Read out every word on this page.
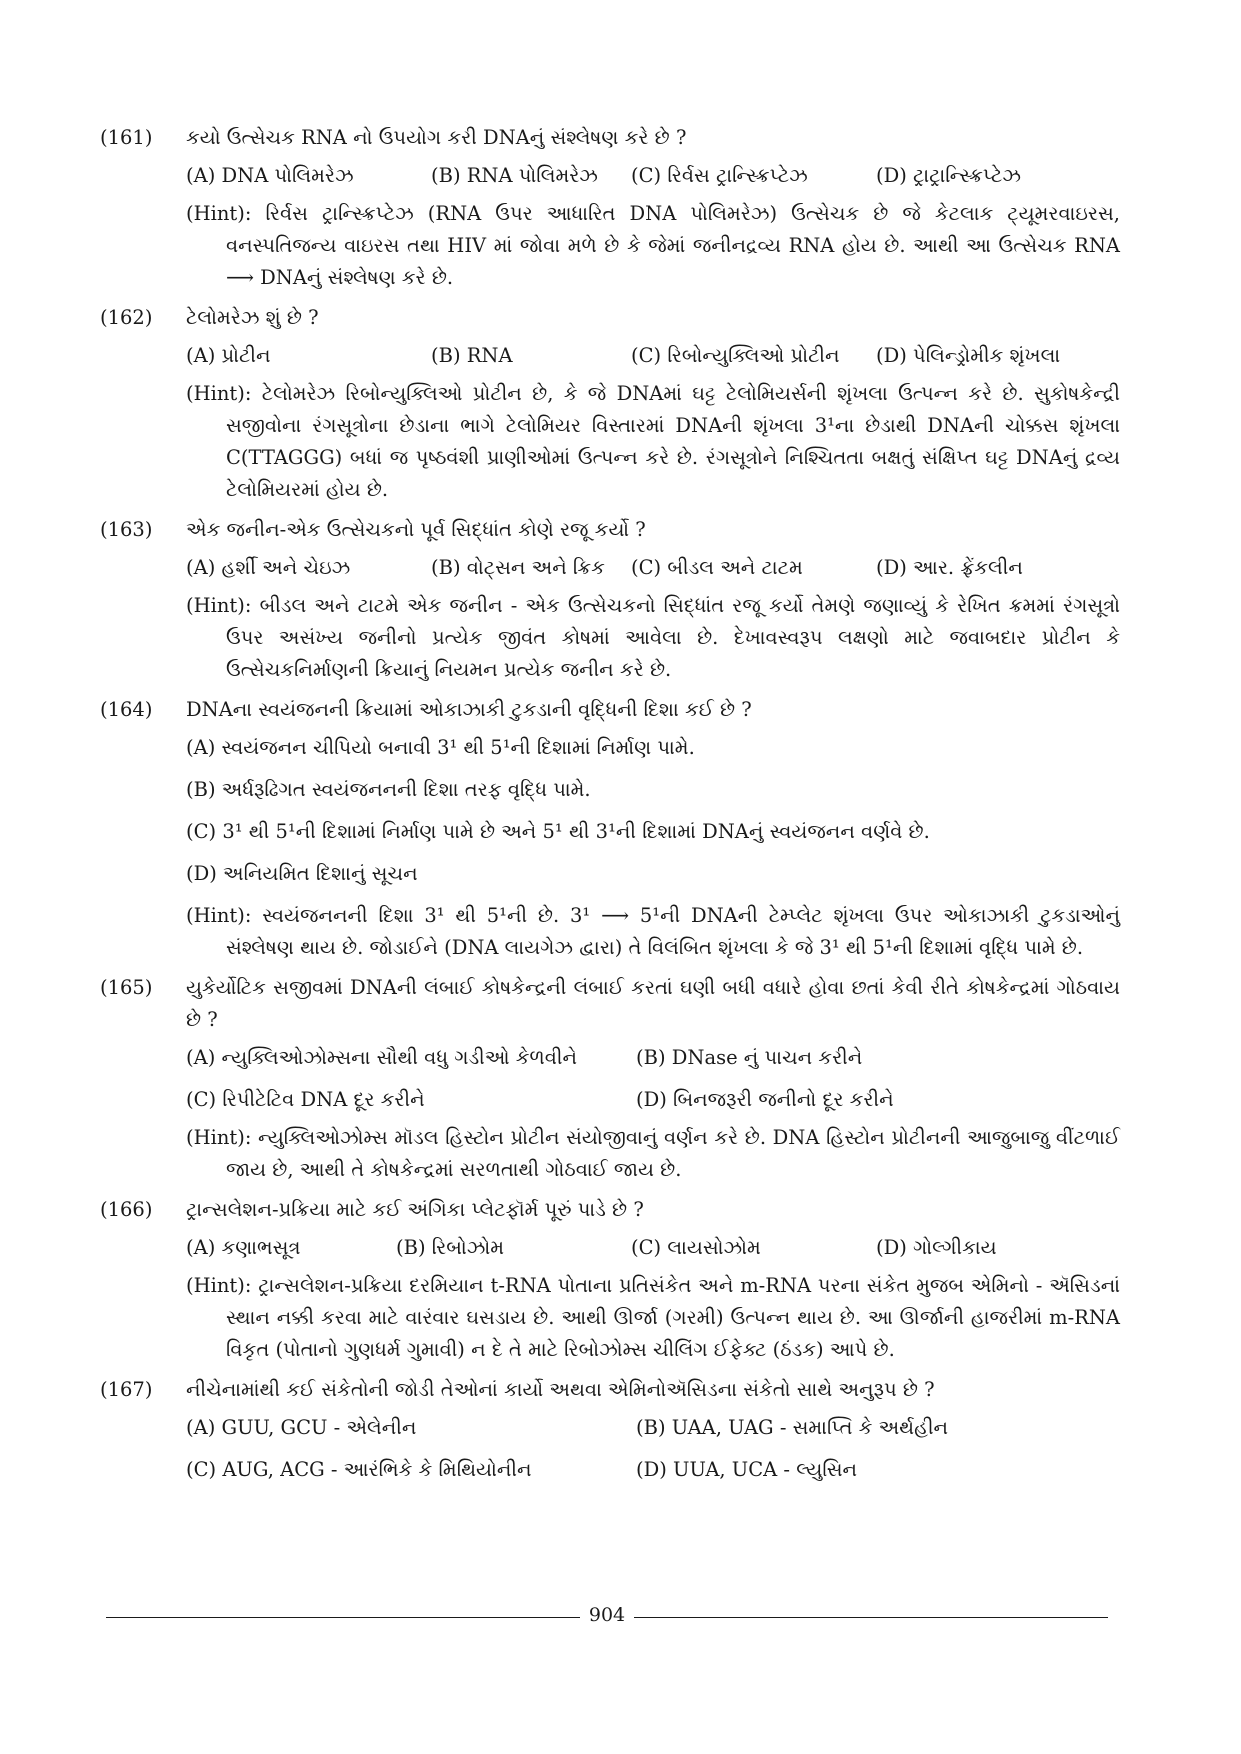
(161)	કયો ઉત્સેચક RNA નો ઉપયોગ કરી DNAનું સંશ્લેષણ કરે છે ?
(A) DNA પોલિમરેઝ	(B) RNA પોલિમરેઝ	(C) રિર્વસ ટ્રાન્સ્ક્રિપ્ટેઝ	(D) ટ્રાટ્રાન્સ્ક્રિપ્ટેઝ
(Hint): રિર્વસ ટ્રાન્સ્ક્રિપ્ટેઝ (RNA ઉપર આધારિત DNA પોલિમરેઝ) ઉત્સેચક છે જે કેટલાક ટ્યૂમરવાઇરસ, વનસ્પતિજન્ય વાઇરસ તથા HIV માં જોવા મળે છે કે જેમાં જનીનદ્રવ્ય RNA હોય છે. આથી આ ઉત્સેચક RNA ⟶ DNAનું સંશ્લેષણ કરે છે.
(162)	ટેલોમરેઝ શું છે ?
(A) પ્રોટીન	(B) RNA	(C) રિબોન્યુક્લિઓ પ્રોટીન	(D) પેલિન્ડ્રોમીક શૃંખલા
(Hint): ટેલોમરેઝ રિબોન્યુક્લિઓ પ્રોટીન છે, કે જે DNAમાં ઘટ્ટ ટેલોમિયર્સની શૃંખલા ઉત્પન્ન કરે છે. સુકોષકેન્દ્રી સજીવોના રંગસૂત્રોના છેડાના ભાગે ટેલોમિયર વિસ્તારમાં DNAની શૃંખલા 3¹ના છેડાથી DNAની ચોક્કસ શૃંખલા C(TTAGGG) બધાં જ પૃષ્ઠવંશી પ્રાણીઓમાં ઉત્પન્ન કરે છે. રંગસૂત્રોને નિશ્ચિતતા બક્ષતું સંક્ષિપ્ત ઘટ્ટ DNAનું દ્રવ્ય ટેલોમિયરમાં હોય છે.
(163)	એક જનીન-એક ઉત્સેચકનો પૂર્વ સિદ્ધાંત કોણે રજૂ કર્યો ?
(A) હર્શી અને ચેઇઝ	(B) વોટ્સન અને ક્રિક	(C) બીડલ અને ટાટમ	(D) આર. ફ્રેંકલીન
(Hint): બીડલ અને ટાટમે એક જનીન - એક ઉત્સેચકનો સિદ્ધાંત રજૂ કર્યો તેમણે જણાવ્યું કે રેખિત ક્રમમાં રંગસૂત્રો ઉપર અસંખ્ય જનીનો પ્રત્યેક જીવંત કોષમાં આવેલા છે. દેખાવસ્વરૂપ લક્ષણો માટે જવાબદાર પ્રોટીન કે ઉત્સેચકનિર્માણની ક્રિયાનું નિયમન પ્રત્યેક જનીન કરે છે.
(164)	DNAના સ્વયંજનની ક્રિયામાં ઓકાઝાકી ટુકડાની વૃદ્ધિની દિશા કઈ છે ?
(A) સ્વયંજનન ચીપિયો બનાવી 3¹ થી 5¹ની દિશામાં નિર્માણ પામે.
(B) અર્ધરૂઢિગત સ્વયંજનનની દિશા તરફ વૃદ્ધિ પામે.
(C) 3¹ થી 5¹ની દિશામાં નિર્માણ પામે છે અને 5¹ થી 3¹ની દિશામાં DNAનું સ્વયંજનન વર્ણવે છે.
(D) અનિયમિત દિશાનું સૂચન
(Hint): સ્વયંજનનની દિશા 3¹ થી 5¹ની છે. 3¹ ⟶ 5¹ની DNAની ટેમ્પ્લેટ શૃંખલા ઉપર ઓકાઝાકી ટુકડાઓનું સંશ્લેષણ થાય છે. જોડાઈને (DNA લાયગેઝ દ્વારા) તે વિલંબિત શૃંખલા કે જે 3¹ થી 5¹ની દિશામાં વૃદ્ધિ પામે છે.
(165)	યુકેર્યોટિક સજીવમાં DNAની લંબાઈ કોષકેન્દ્રની લંબાઈ કરતાં ઘણી બધી વધારે હોવા છતાં કેવી રીતે કોષકેન્દ્રમાં ગોઠવાય છે ?
(A) ન્યુક્લિઓઝોમ્સના સૌથી વધુ ગડીઓ કેળવીને	(B) DNase નું પાચન કરીને
(C) રિપીટેટિવ DNA દૂર કરીને	(D) બિનજરૂરી જનીનો દૂર કરીને
(Hint): ન્યુક્લિઓઝોમ્સ મૉડલ હિસ્ટોન પ્રોટીન સંયોજીવાનું વર્ણન કરે છે. DNA હિસ્ટોન પ્રોટીનની આજુબાજુ વીંટળાઈ જાય છે, આથી તે કોષકેન્દ્રમાં સરળતાથી ગોઠવાઈ જાય છે.
(166)	ટ્રાન્સલેશન-પ્રક્રિયા માટે કઈ અંગિકા પ્લેટફૉર્મ પૂરું પાડે છે ?
(A) કણાભસૂત્ર	(B) રિબોઝોમ	(C) લાયસોઝોમ	(D) ગોલ્ગીકાય
(Hint): ટ્રાન્સલેશન-પ્રક્રિયા દરમિયાન t-RNA પોતાના પ્રતિસંકેત અને m-RNA પરના સંકેત મુજબ એમિનો - ઍસિડનાં સ્થાન નક્કી કરવા માટે વારંવાર ઘસડાય છે. આથી ઊર્જા (ગરમી) ઉત્પન્ન થાય છે. આ ઊર્જાની હાજરીમાં m-RNA વિકૃત (પોતાનો ગુણધર્મ ગુમાવી) ન દે તે માટે રિબોઝોમ્સ ચીલિંગ ઈફેક્ટ (ઠંડક) આપે છે.
(167)	નીચેનામાંથી કઈ સંકેતોની જોડી તેઓનાં કાર્યો અથવા એમિનોઍસિડના સંકેતો સાથે અનુરૂપ છે ?
(A) GUU, GCU - એલેનીન	(B) UAA, UAG - સમાપ્તિ કે અર્થહીન
(C) AUG, ACG - આરંભિકે કે મિથિયોનીન	(D) UUA, UCA - લ્યુસિન
904
